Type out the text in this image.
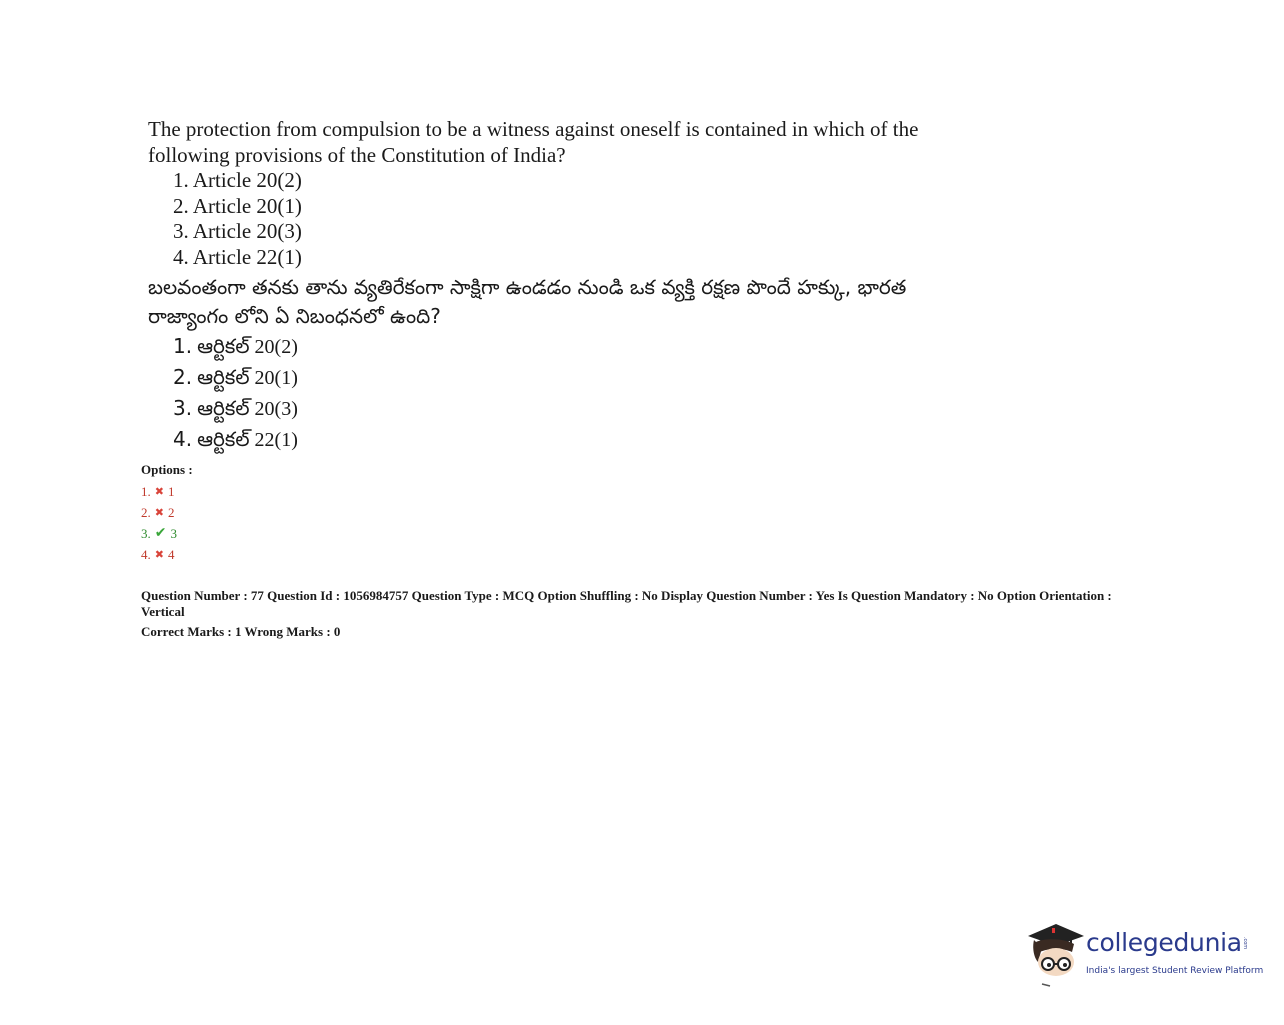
The protection from compulsion to be a witness against oneself is contained in which of the following provisions of the Constitution of India?

1. Article 20(2)
2. Article 20(1)
3. Article 20(3)
4. Article 22(1)

బలవంతంగా తనకు తాను వ్యతిరేకంగా సాక్షిగా ఉండడం నుండి ఒక వ్యక్తి రక్షణ పొందే హక్కు, భారత రాజ్యాంగం లోని ఏ నిబంధనలో ఉంది?

1. ఆర్టికల్ 20(2)
2. ఆర్టికల్ 20(1)
3. ఆర్టికల్ 20(3)
4. ఆర్టికల్ 22(1)
Options :
1. ✖ 1
2. ✖ 2
3. ✔ 3
4. ✖ 4
Question Number : 77 Question Id : 1056984757 Question Type : MCQ Option Shuffling : No Display Question Number : Yes Is Question Mandatory : No Option Orientation : Vertical
Correct Marks : 1 Wrong Marks : 0
collegedunia .com
India's largest Student Review Platform
